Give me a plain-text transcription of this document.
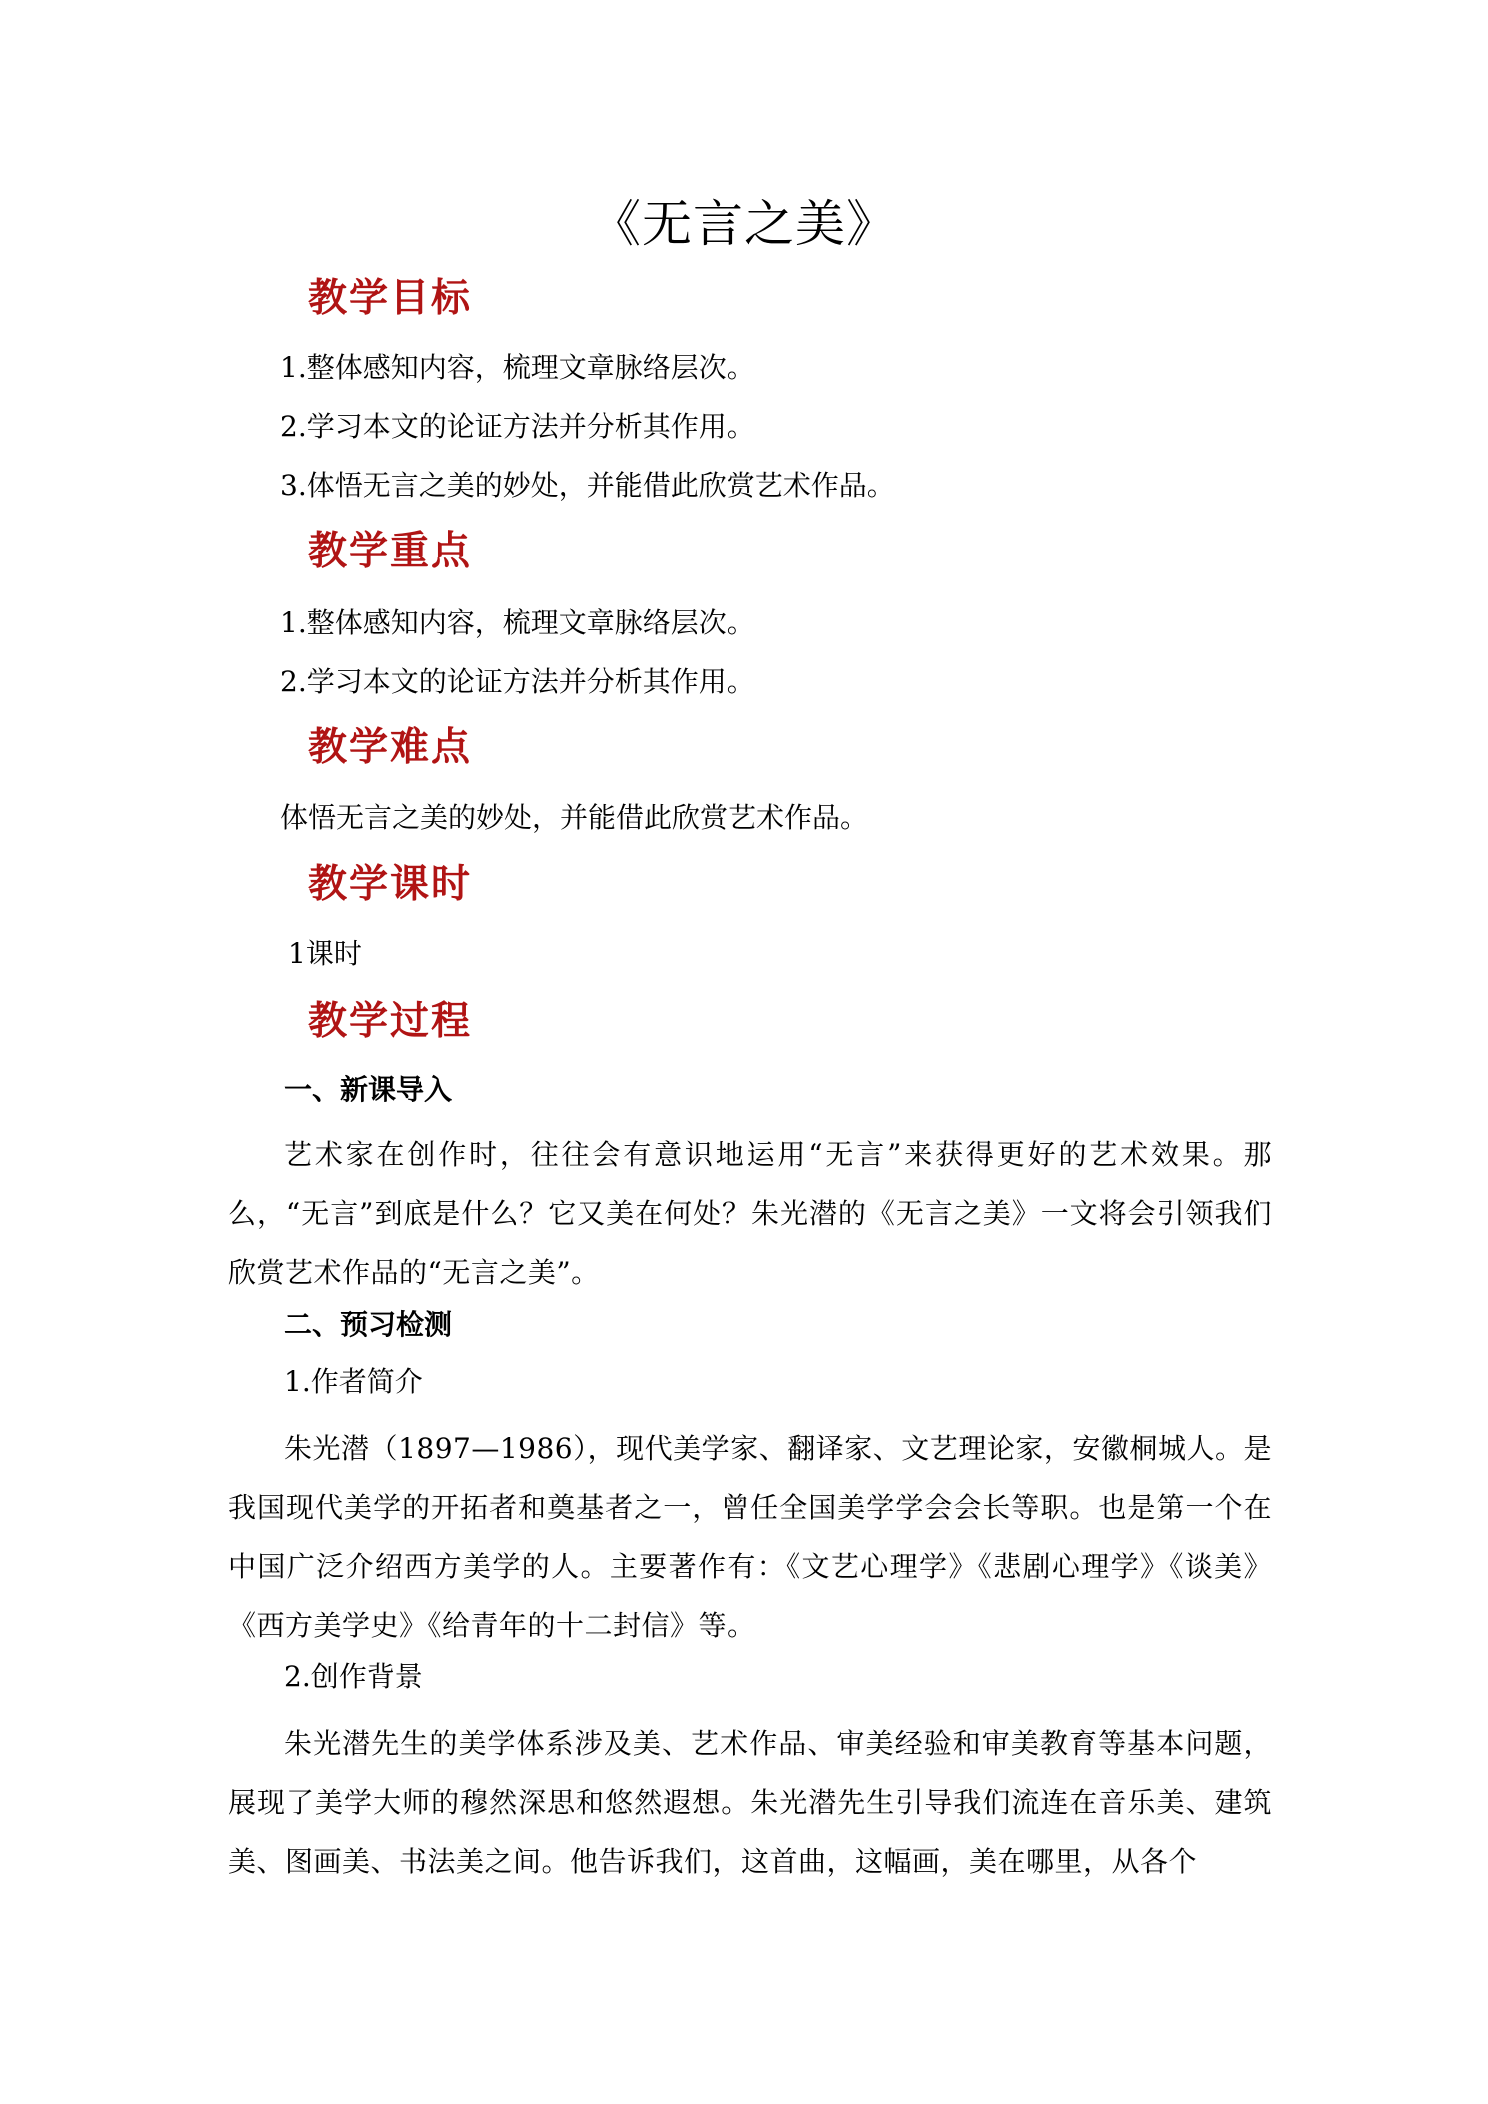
《无言之美》
教学目标
1.整体感知内容，梳理文章脉络层次。
2.学习本文的论证方法并分析其作用。
3.体悟无言之美的妙处，并能借此欣赏艺术作品。
教学重点
1.整体感知内容，梳理文章脉络层次。
2.学习本文的论证方法并分析其作用。
教学难点
体悟无言之美的妙处，并能借此欣赏艺术作品。
教学课时
1课时
教学过程
一、新课导入
艺术家在创作时，往往会有意识地运用“无言”来获得更好的艺术效果。那么，“无言”到底是什么？它又美在何处？朱光潜的《无言之美》一文将会引领我们欣赏艺术作品的“无言之美”。
二、预习检测
1.作者简介
朱光潜（1897—1986），现代美学家、翻译家、文艺理论家，安徽桐城人。是我国现代美学的开拓者和奠基者之一，曾任全国美学学会会长等职。也是第一个在中国广泛介绍西方美学的人。主要著作有：《文艺心理学》《悲剧心理学》《谈美》《西方美学史》《给青年的十二封信》等。
2.创作背景
朱光潜先生的美学体系涉及美、艺术作品、审美经验和审美教育等基本问题，展现了美学大师的穆然深思和悠然遐想。朱光潜先生引导我们流连在音乐美、建筑美、图画美、书法美之间。他告诉我们，这首曲，这幅画，美在哪里，从各个
